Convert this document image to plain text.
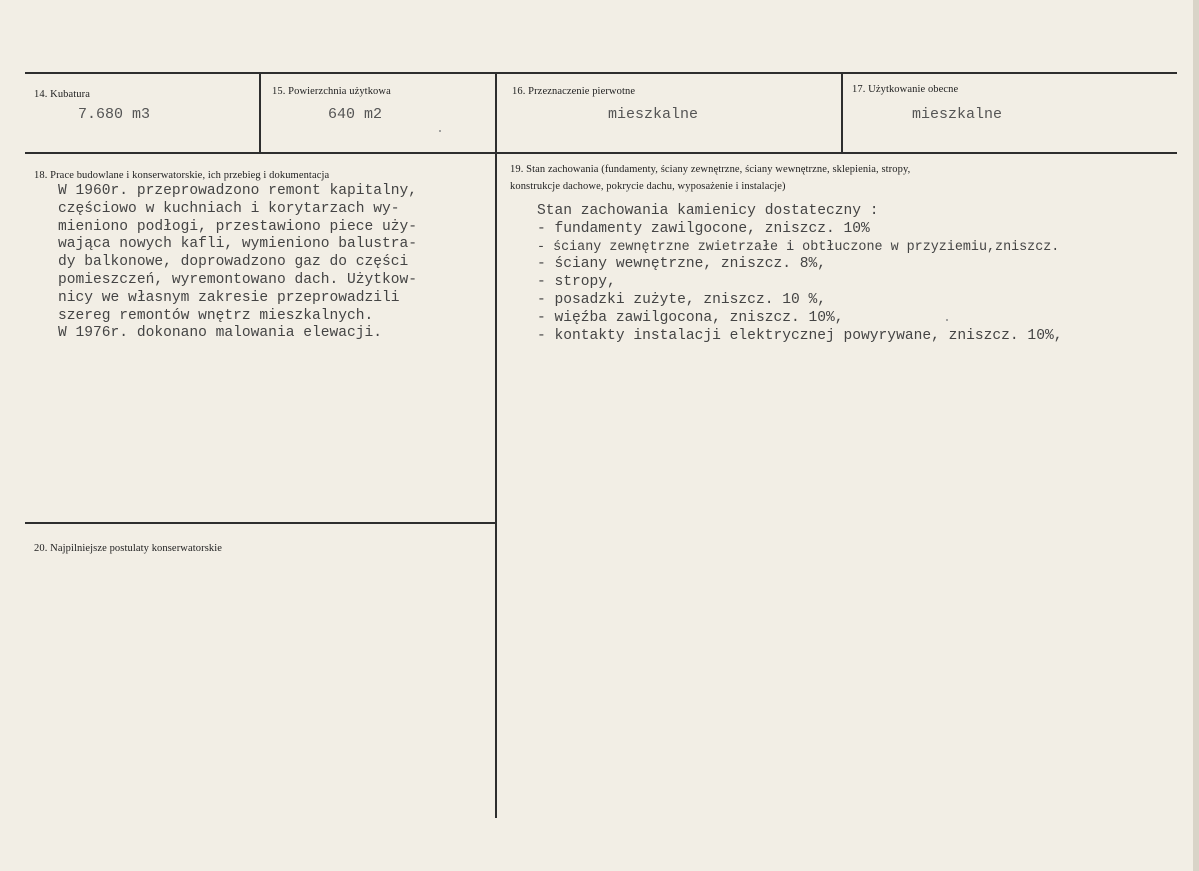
14. Kubatura
7.680 m3
15. Powierzchnia użytkowa
640 m2
16. Przeznaczenie pierwotne
mieszkalne
17. Użytkowanie obecne
mieszkalne
18. Prace budowlane i konserwatorskie, ich przebieg i dokumentacja
W 1960r. przeprowadzono remont kapitalny,
częściowo w kuchniach i korytarzach wy-
mieniono podłogi, przestawiono piece uży-
wająca nowych kafli, wymieniono balustra-
dy balkonowe, doprowadzono gaz do części
pomieszczeń, wyremontowano dach. Użytkow-
nicy we własnym zakresie przeprowadzili
szereg remontów wnętrz mieszkalnych.
W 1976r. dokonano malowania elewacji.
19. Stan zachowania (fundamenty, ściany zewnętrzne, ściany wewnętrzne, sklepienia, stropy,
konstrukcje dachowe, pokrycie dachu, wyposażenie i instalacje)
Stan zachowania kamienicy dostateczny :
- fundamenty zawilgocone, zniszcz. 10%
- ściany zewnętrzne zwietrzałe i obtłuczone w przyziemiu,zniszcz.
- ściany wewnętrzne, zniszcz. 8%,
- stropy,
- posadzki zużyte, zniszcz. 10 %,
- więźba zawilgocona, zniszcz. 10%,
- kontakty instalacji elektrycznej powyrywane, zniszcz. 10%,
20. Najpilniejsze postulaty konserwatorskie
